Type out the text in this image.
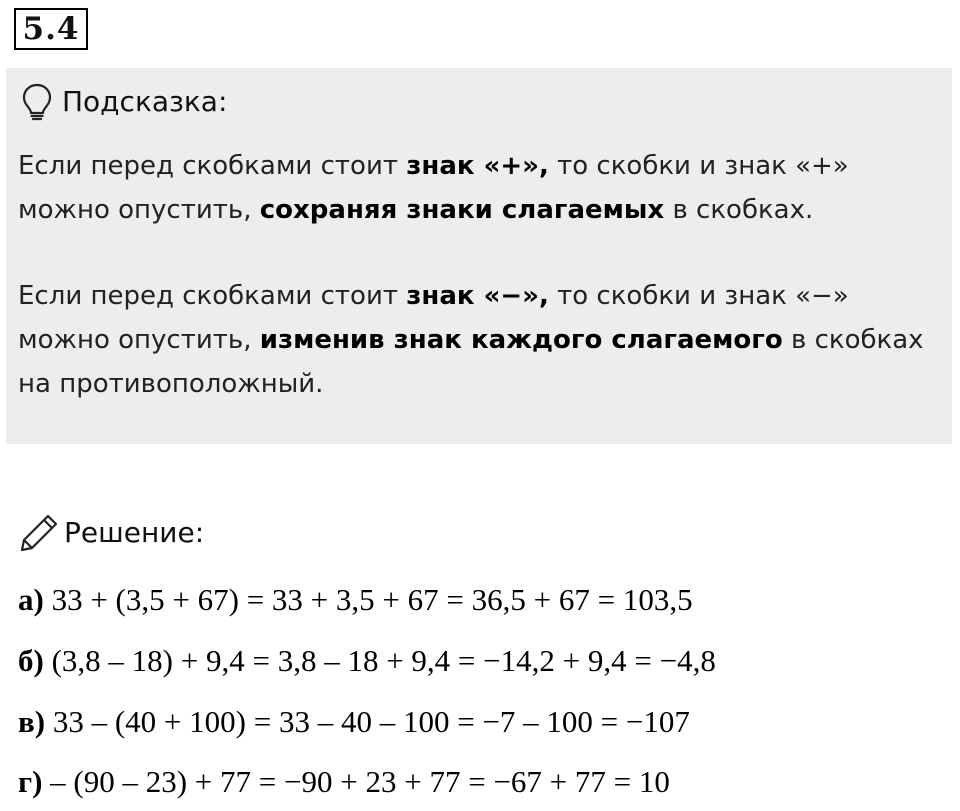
5.4
Подсказка:
Если перед скобками стоит знак «+», то скобки и знак «+»
можно опустить, сохраняя знаки слагаемых в скобках.
Если перед скобками стоит знак «−», то скобки и знак «−»
можно опустить, изменив знак каждого слагаемого в скобках
на противоположный.
Решение:
а) 33 + (3,5 + 67) = 33 + 3,5 + 67 = 36,5 + 67 = 103,5
б) (3,8 – 18) + 9,4 = 3,8 – 18 + 9,4 = −14,2 + 9,4 = −4,8
в) 33 – (40 + 100) = 33 – 40 – 100 = −7 – 100 = −107
г) – (90 – 23) + 77 = −90 + 23 + 77 = −67 + 77 = 10
